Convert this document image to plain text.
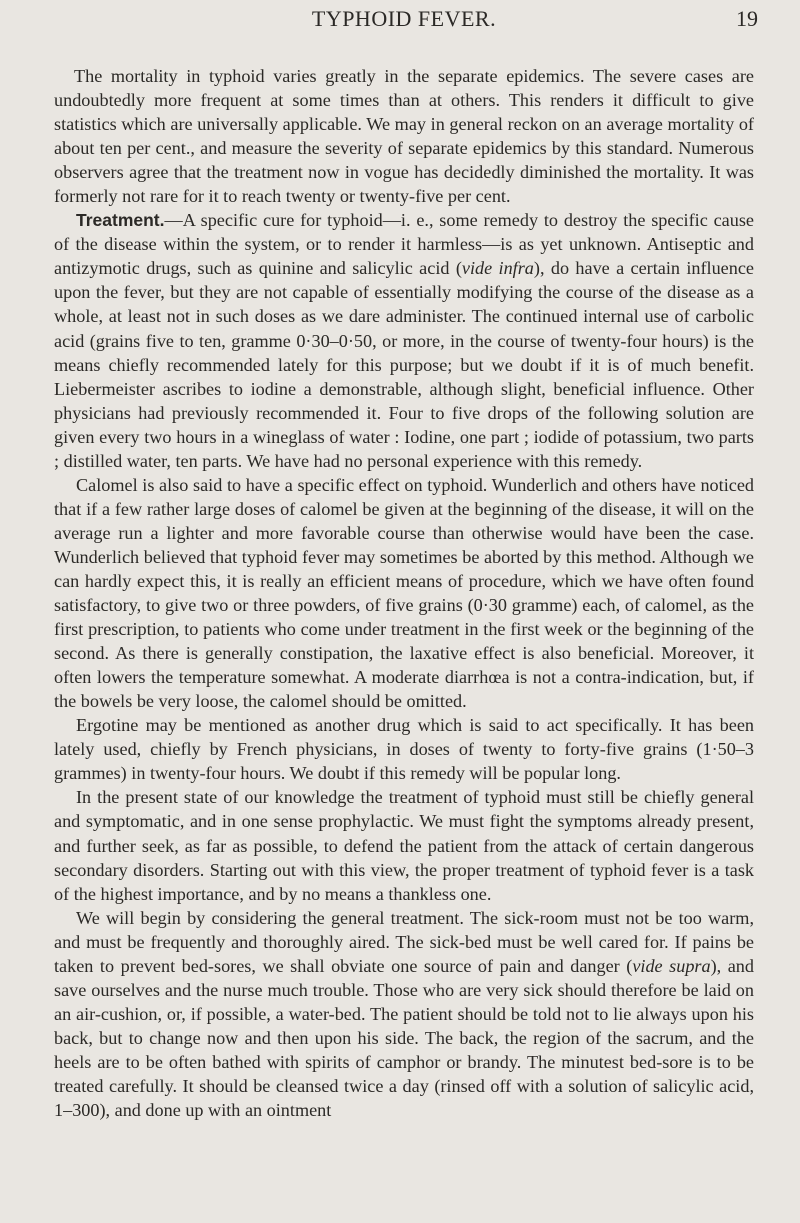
TYPHOID FEVER.	19

The mortality in typhoid varies greatly in the separate epidemics. The severe cases are undoubtedly more frequent at some times than at others. This renders it difficult to give statistics which are universally applicable. We may in general reckon on an average mortality of about ten per cent., and measure the severity of separate epidemics by this standard. Numerous observers agree that the treatment now in vogue has decidedly diminished the mortality. It was formerly not rare for it to reach twenty or twenty-five per cent.

Treatment.—A specific cure for typhoid—i. e., some remedy to destroy the specific cause of the disease within the system, or to render it harmless—is as yet unknown. Antiseptic and antizymotic drugs, such as quinine and salicylic acid (vide infra), do have a certain influence upon the fever, but they are not capable of essentially modifying the course of the disease as a whole, at least not in such doses as we dare administer. The continued internal use of carbolic acid (grains five to ten, gramme 0·30–0·50, or more, in the course of twenty-four hours) is the means chiefly recommended lately for this purpose; but we doubt if it is of much benefit. Liebermeister ascribes to iodine a demonstrable, although slight, beneficial influence. Other physicians had previously recommended it. Four to five drops of the following solution are given every two hours in a wineglass of water : Iodine, one part ; iodide of potassium, two parts ; distilled water, ten parts. We have had no personal experience with this remedy.

Calomel is also said to have a specific effect on typhoid. Wunderlich and others have noticed that if a few rather large doses of calomel be given at the beginning of the disease, it will on the average run a lighter and more favorable course than otherwise would have been the case. Wunderlich believed that typhoid fever may sometimes be aborted by this method. Although we can hardly expect this, it is really an efficient means of procedure, which we have often found satisfactory, to give two or three powders, of five grains (0·30 gramme) each, of calomel, as the first prescription, to patients who come under treatment in the first week or the beginning of the second. As there is generally constipation, the laxative effect is also beneficial. Moreover, it often lowers the temperature somewhat. A moderate diarrhœa is not a contra-indication, but, if the bowels be very loose, the calomel should be omitted.

Ergotine may be mentioned as another drug which is said to act specifically. It has been lately used, chiefly by French physicians, in doses of twenty to forty-five grains (1·50–3 grammes) in twenty-four hours. We doubt if this remedy will be popular long.

In the present state of our knowledge the treatment of typhoid must still be chiefly general and symptomatic, and in one sense prophylactic. We must fight the symptoms already present, and further seek, as far as possible, to defend the patient from the attack of certain dangerous secondary disorders. Starting out with this view, the proper treatment of typhoid fever is a task of the highest importance, and by no means a thankless one.

We will begin by considering the general treatment. The sick-room must not be too warm, and must be frequently and thoroughly aired. The sick-bed must be well cared for. If pains be taken to prevent bed-sores, we shall obviate one source of pain and danger (vide supra), and save ourselves and the nurse much trouble. Those who are very sick should therefore be laid on an air-cushion, or, if possible, a water-bed. The patient should be told not to lie always upon his back, but to change now and then upon his side. The back, the region of the sacrum, and the heels are to be often bathed with spirits of camphor or brandy. The minutest bed-sore is to be treated carefully. It should be cleansed twice a day (rinsed off with a solution of salicylic acid, 1–300), and done up with an ointment
